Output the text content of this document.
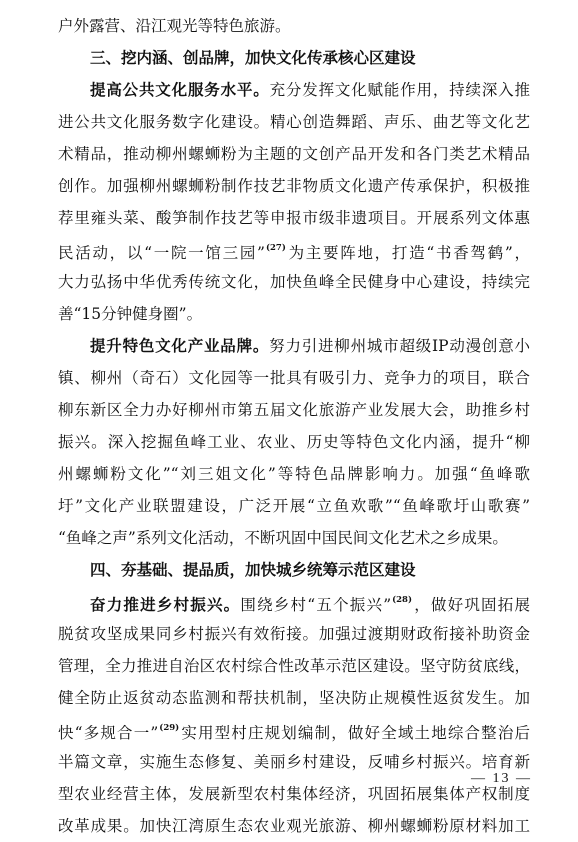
户外露营、沿江观光等特色旅游。
三、挖内涵、创品牌，加快文化传承核心区建设
提高公共文化服务水平。充分发挥文化赋能作用，持续深入推
进公共文化服务数字化建设。精心创造舞蹈、声乐、曲艺等文化艺
术精品，推动柳州螺蛳粉为主题的文创产品开发和各门类艺术精品
创作。加强柳州螺蛳粉制作技艺非物质文化遗产传承保护，积极推
荐里雍头菜、酸笋制作技艺等申报市级非遗项目。开展系列文体惠
民活动，以“一院一馆三园”$^{(27)}$为主要阵地，打造“书香驾鹤”，
大力弘扬中华优秀传统文化，加快鱼峰全民健身中心建设，持续完
善“15分钟健身圈”。
提升特色文化产业品牌。努力引进柳州城市超级IP动漫创意小
镇、柳州（奇石）文化园等一批具有吸引力、竞争力的项目，联合
柳东新区全力办好柳州市第五届文化旅游产业发展大会，助推乡村
振兴。深入挖掘鱼峰工业、农业、历史等特色文化内涵，提升“柳
州螺蛳粉文化”“刘三姐文化”等特色品牌影响力。加强“鱼峰歌
圩”文化产业联盟建设，广泛开展“立鱼欢歌”“鱼峰歌圩山歌赛”
“鱼峰之声”系列文化活动，不断巩固中国民间文化艺术之乡成果。
四、夯基础、提品质，加快城乡统筹示范区建设
奋力推进乡村振兴。围绕乡村“五个振兴”$^{(28)}$，做好巩固拓展
脱贫攻坚成果同乡村振兴有效衔接。加强过渡期财政衔接补助资金
管理，全力推进自治区农村综合性改革示范区建设。坚守防贫底线，
健全防止返贫动态监测和帮扶机制，坚决防止规模性返贫发生。加
快“多规合一”$^{(29)}$实用型村庄规划编制，做好全域土地综合整治后
半篇文章，实施生态修复、美丽乡村建设，反哺乡村振兴。培育新
型农业经营主体，发展新型农村集体经济，巩固拓展集体产权制度
改革成果。加快江湾原生态农业观光旅游、柳州螺蛳粉原材料加工
— 13 —
